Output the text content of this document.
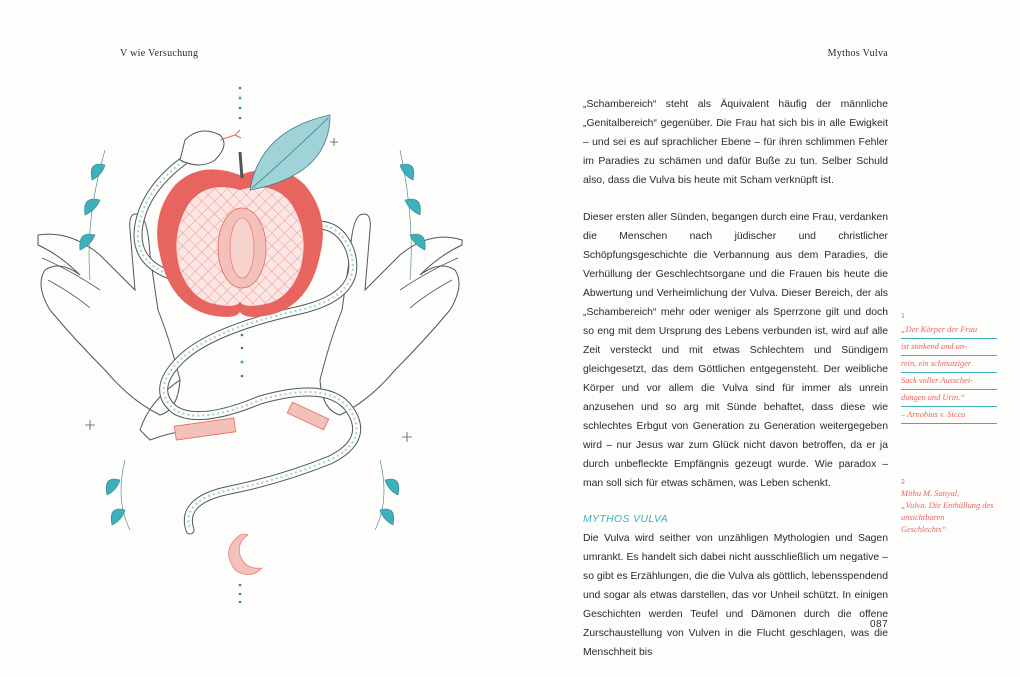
V wie Versuchung	Mythos Vulva

„Schambereich“ steht als Äquivalent häufig der männliche „Genitalbereich“ gegenüber. Die Frau hat sich bis in alle Ewigkeit – und sei es auf sprachlicher Ebene – für ihren schlimmen Fehler im Paradies zu schämen und dafür Buße zu tun. Selber Schuld also, dass die Vulva bis heute mit Scham verknüpft ist.

Dieser ersten aller Sünden, begangen durch eine Frau, verdanken die Menschen nach jüdischer und christlicher Schöpfungsgeschichte die Verbannung aus dem Paradies, die Verhüllung der Geschlechtsorgane und die Frauen bis heute die Abwertung und Verheimlichung der Vulva. Dieser Bereich, der als „Schambereich“ mehr oder weniger als Sperrzone gilt und doch so eng mit dem Ursprung des Lebens verbunden ist, wird auf alle Zeit versteckt und mit etwas Schlechtem und Sündigem gleichgesetzt, das dem Göttlichen entgegensteht. Der weibliche Körper und vor allem die Vulva sind für immer als unrein anzusehen und so arg mit Sünde behaftet, dass diese wie schlechtes Erbgut von Generation zu Generation weitergegeben wird – nur Jesus war zum Glück nicht davon betroffen, da er ja durch unbefleckte Empfängnis gezeugt wurde. Wie paradox – man soll sich für etwas schämen, was Leben schenkt.

MYTHOS VULVA

Die Vulva wird seither von unzähligen Mythologien und Sagen umrankt. Es handelt sich dabei nicht ausschließlich um negative – so gibt es Erzählungen, die die Vulva als göttlich, lebensspendend und sogar als etwas darstellen, das vor Unheil schützt. In einigen Geschichten werden Teufel und Dämonen durch die offene Zurschaustellung von Vulven in die Flucht geschlagen, was die Menschheit bis

1
„Der Körper der Frau
ist stinkend und un-
rein, ein schmutziger
Sack voller Ausschei-
dungen und Urin.“
– Arnobius v. Sicca
2
Mithu M. Sanyal,
„Vulva. Die Enthüllung des
unsichtbaren
Geschlechts“
087
